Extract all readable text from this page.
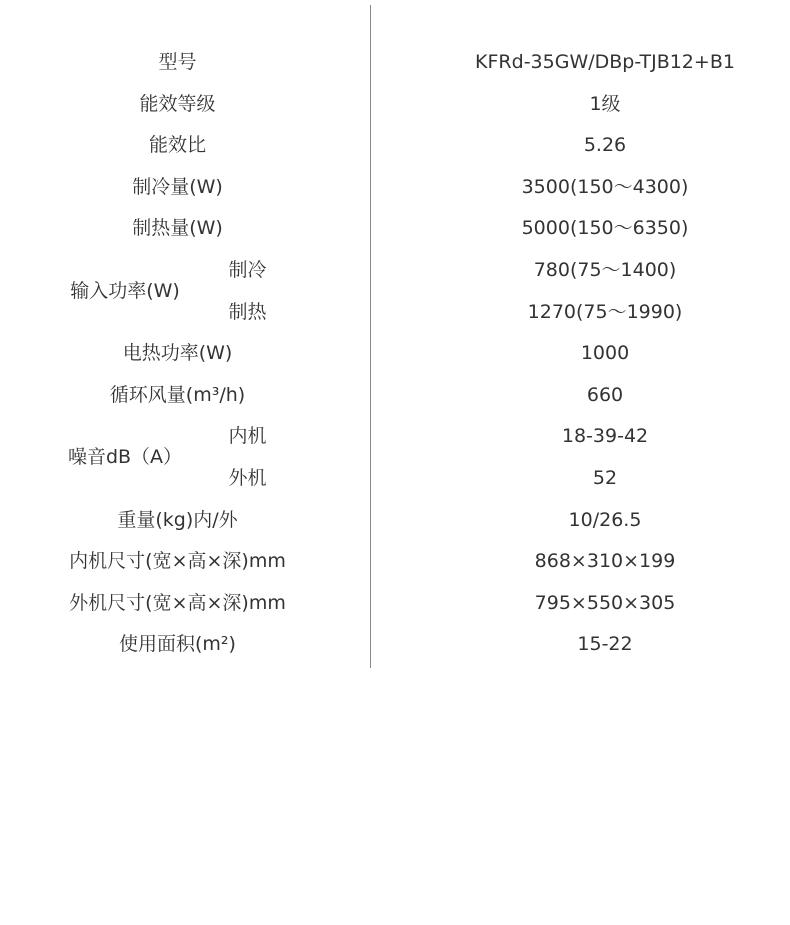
型号	KFRd-35GW/DBp-TJB12+B1
能效等级	1级
能效比	5.26
制冷量(W)	3500(150～4300)
制热量(W)	5000(150～6350)
输入功率(W)
制冷	780(75～1400)
制热	1270(75～1990)
电热功率(W)	1000
循环风量(m³/h)	660
噪音dB（A）
内机	18-39-42
外机	52
重量(kg)内/外	10/26.5
内机尺寸(宽×高×深)mm	868×310×199
外机尺寸(宽×高×深)mm	795×550×305
使用面积(m²)	15-22
